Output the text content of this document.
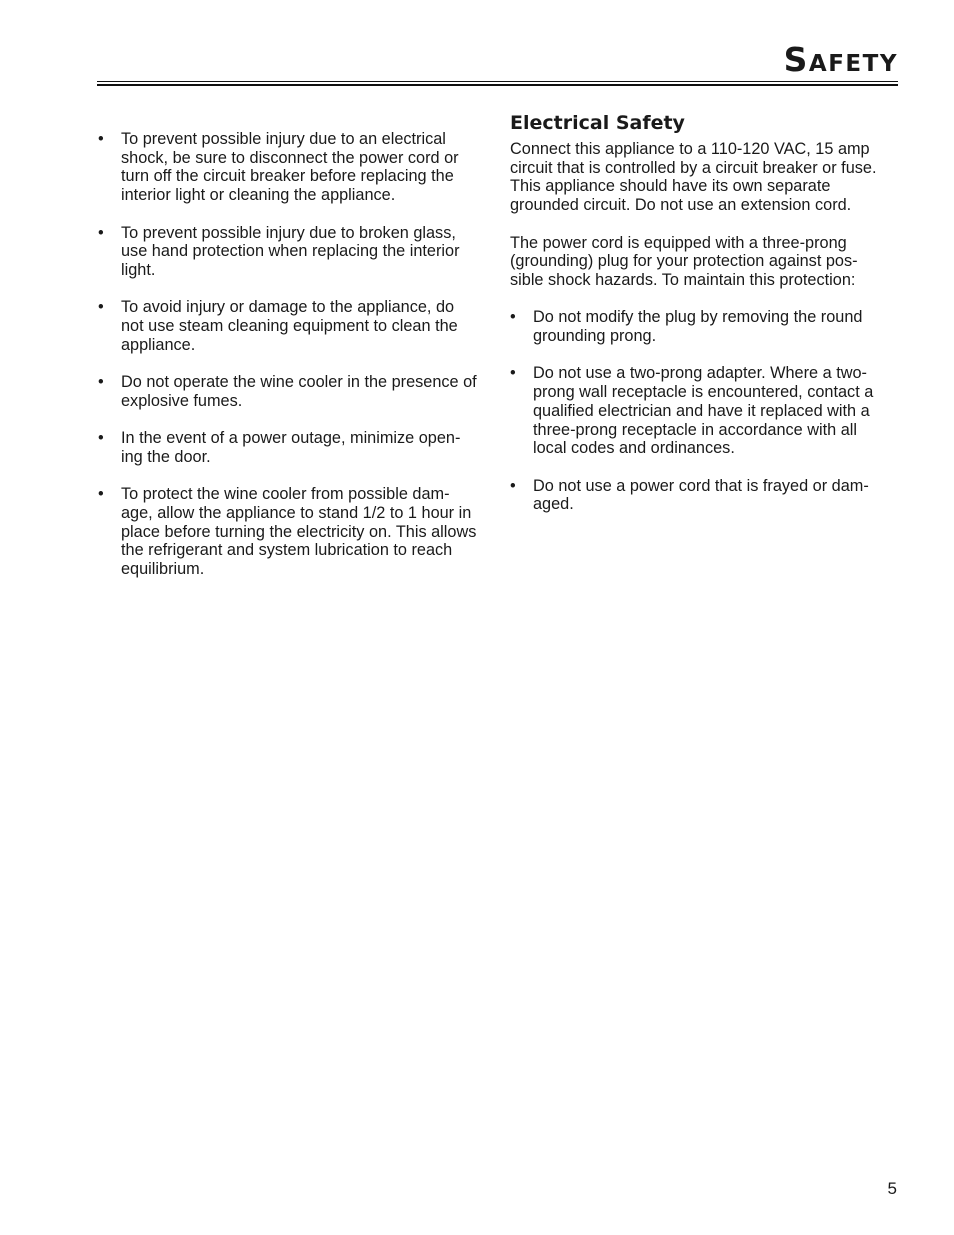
Safety
• To prevent possible injury due to an electrical shock, be sure to disconnect the power cord or turn off the circuit breaker before replacing the interior light or cleaning the appliance.
• To prevent possible injury due to broken glass, use hand protection when replacing the interior light.
• To avoid injury or damage to the appliance, do not use steam cleaning equipment to clean the appliance.
• Do not operate the wine cooler in the presence of explosive fumes.
• In the event of a power outage, minimize open-ing the door.
• To protect the wine cooler from possible dam-age, allow the appliance to stand 1/2 to 1 hour in place before turning the electricity on. This allows the refrigerant and system lubrication to reach equilibrium.
Electrical Safety

Connect this appliance to a 110-120 VAC, 15 amp circuit that is controlled by a circuit breaker or fuse. This appliance should have its own separate grounded circuit. Do not use an extension cord.

The power cord is equipped with a three-prong (grounding) plug for your protection against pos-sible shock hazards. To maintain this protection:

• Do not modify the plug by removing the round grounding prong.
• Do not use a two-prong adapter. Where a two-prong wall receptacle is encountered, contact a qualified electrician and have it replaced with a three-prong receptacle in accordance with all local codes and ordinances.
• Do not use a power cord that is frayed or dam-aged.
5
